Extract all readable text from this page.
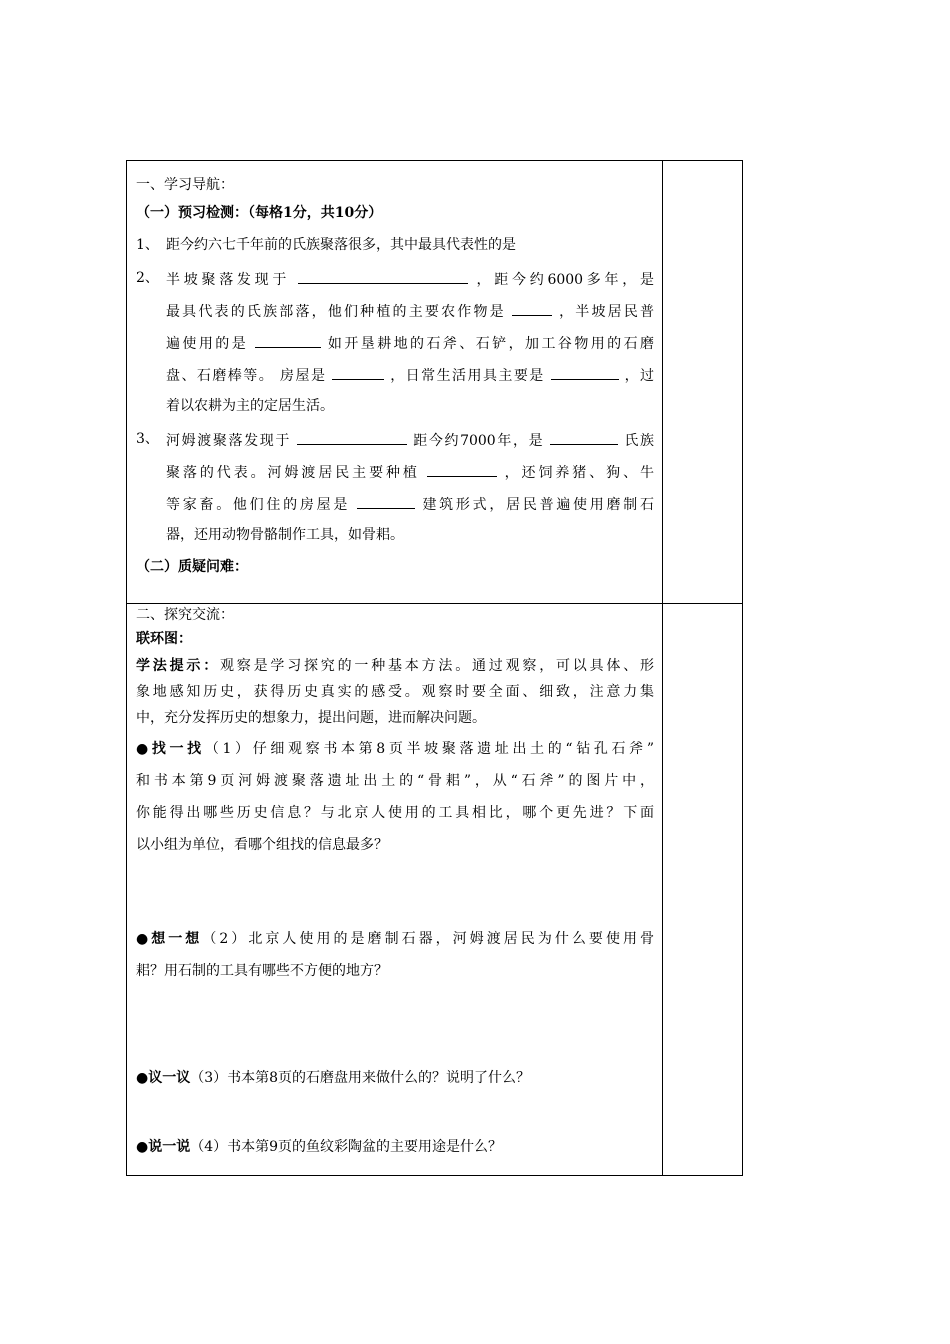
一、学习导航：
（一）预习检测：（每格1分，共10分）
1、 距今约六七千年前的氏族聚落很多，其中最具代表性的是
2、 半坡聚落发现于	，距今约6000多年，是
最具代表的氏族部落，他们种植的主要农作物是	，半坡居民普
遍使用的是	如开垦耕地的石斧、石铲，加工谷物用的石磨
盘、石磨棒等。 房屋是	，日常生活用具主要是	，过
着以农耕为主的定居生活。
3、 河姆渡聚落发现于	距今约7000年，是	氏族
聚落的代表。河姆渡居民主要种植	，还饲养猪、狗、牛
等家畜。他们住的房屋是	建筑形式，居民普遍使用磨制石
器，还用动物骨骼制作工具，如骨耜。
（二）质疑问难：
二、探究交流：
联环图：
学法提示：观察是学习探究的一种基本方法。通过观察，可以具体、形
象地感知历史，获得历史真实的感受。观察时要全面、细致，注意力集
中，充分发挥历史的想象力，提出问题，进而解决问题。
●找一找（1）仔细观察书本第8页半坡聚落遗址出土的“钻孔石斧”
和书本第9页河姆渡聚落遗址出土的“骨耜”，从“石斧”的图片中，
你能得出哪些历史信息？与北京人使用的工具相比，哪个更先进？下面
以小组为单位，看哪个组找的信息最多？
●想一想（2）北京人使用的是磨制石器，河姆渡居民为什么要使用骨
耜？用石制的工具有哪些不方便的地方？
●议一议（3）书本第8页的石磨盘用来做什么的？说明了什么？
●说一说（4）书本第9页的鱼纹彩陶盆的主要用途是什么？
